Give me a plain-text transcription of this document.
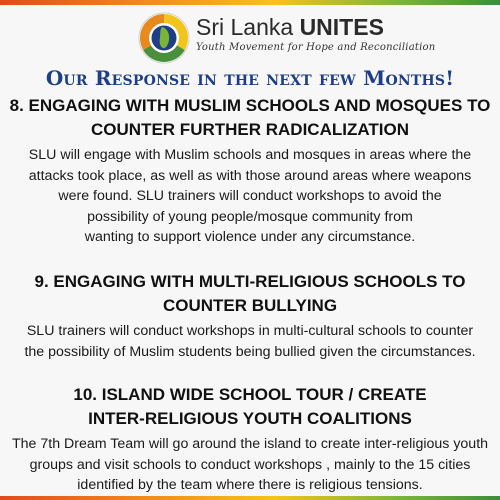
Sri Lanka UNITES
Youth Movement for Hope and Reconciliation
Our Response in the next few Months!
8. ENGAGING WITH MUSLIM SCHOOLS AND MOSQUES TO
COUNTER FURTHER RADICALIZATION
SLU will engage with Muslim schools and mosques in areas where the
attacks took place, as well as with those around areas where weapons
were found. SLU trainers will conduct workshops to avoid the
possibility of young people/mosque community from
wanting to support violence under any circumstance.
9. ENGAGING WITH MULTI-RELIGIOUS SCHOOLS TO
COUNTER BULLYING
SLU trainers will conduct workshops in multi-cultural schools to counter
the possibility of Muslim students being bullied given the circumstances.
10. ISLAND WIDE SCHOOL TOUR / CREATE
INTER-RELIGIOUS YOUTH COALITIONS
The 7th Dream Team will go around the island to create inter-religious youth
groups and visit schools to conduct workshops , mainly to the 15 cities
identified by the team where there is religious tensions.
